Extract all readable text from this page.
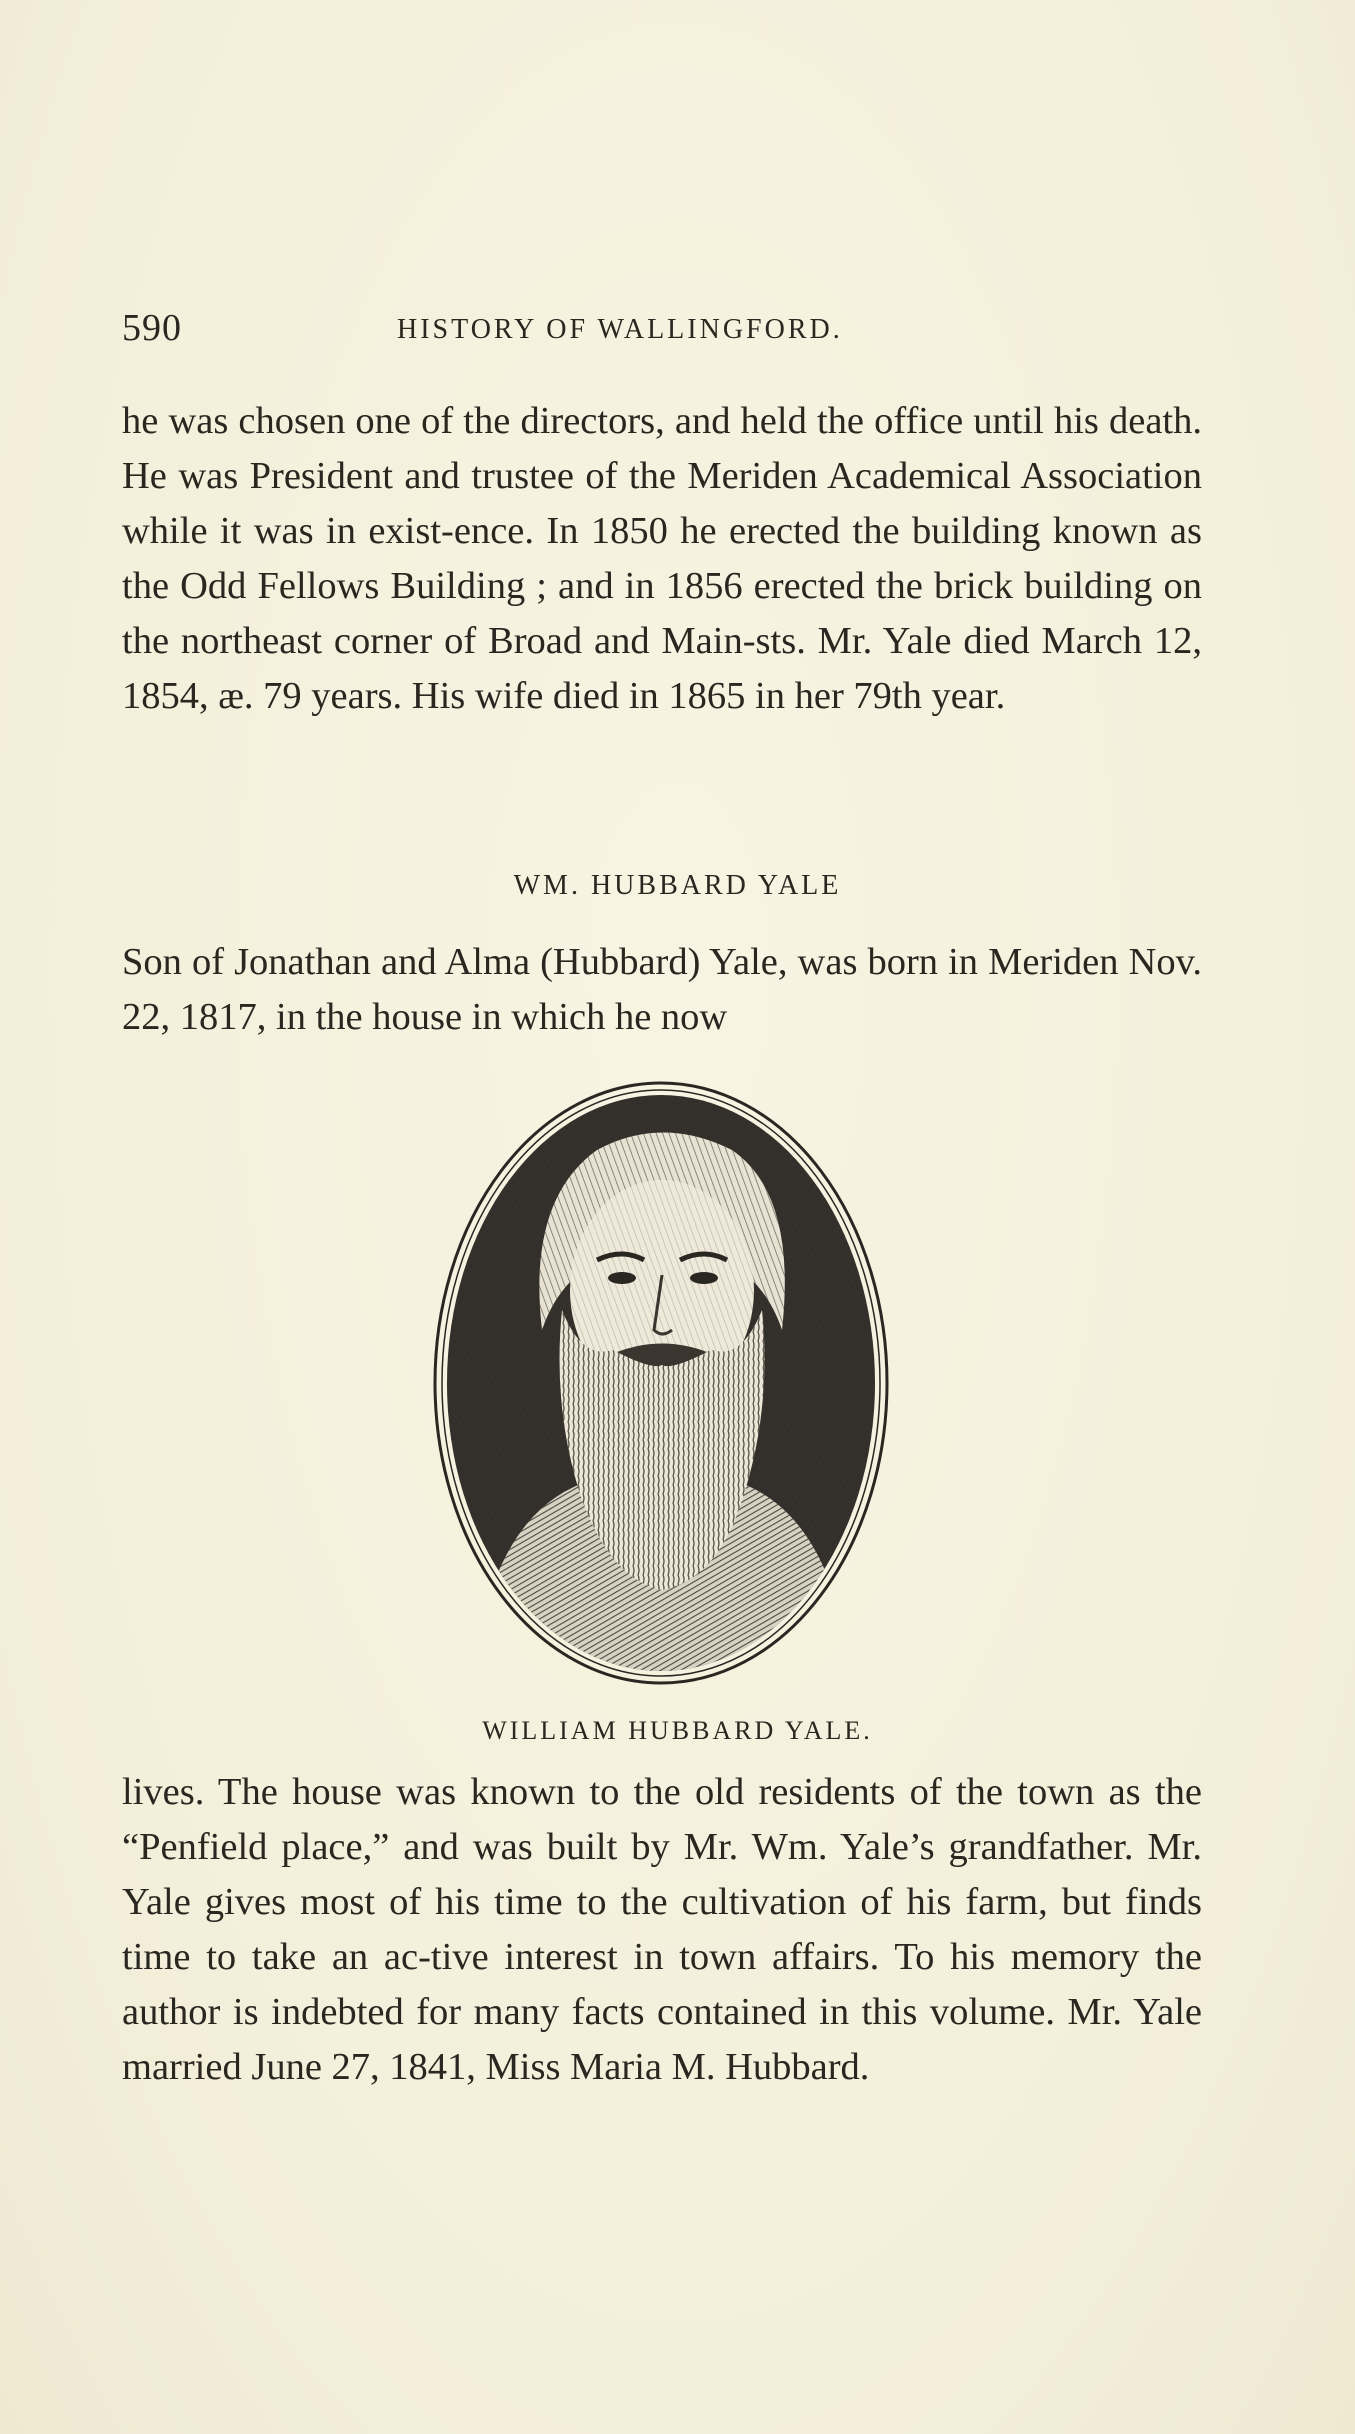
590	HISTORY OF WALLINGFORD.

he was chosen one of the directors, and held the office until his death. He was President and trustee of the Meriden Academical Association while it was in exist-ence. In 1850 he erected the building known as the Odd Fellows Building ; and in 1856 erected the brick building on the northeast corner of Broad and Main-sts. Mr. Yale died March 12, 1854, æ. 79 years. His wife died in 1865 in her 79th year.

WM. HUBBARD YALE

Son of Jonathan and Alma (Hubbard) Yale, was born in Meriden Nov. 22, 1817, in the house in which he now

WILLIAM HUBBARD YALE.

lives. The house was known to the old residents of the town as the “Penfield place,” and was built by Mr. Wm. Yale’s grandfather. Mr. Yale gives most of his time to the cultivation of his farm, but finds time to take an ac-tive interest in town affairs. To his memory the author is indebted for many facts contained in this volume. Mr. Yale married June 27, 1841, Miss Maria M. Hubbard.
